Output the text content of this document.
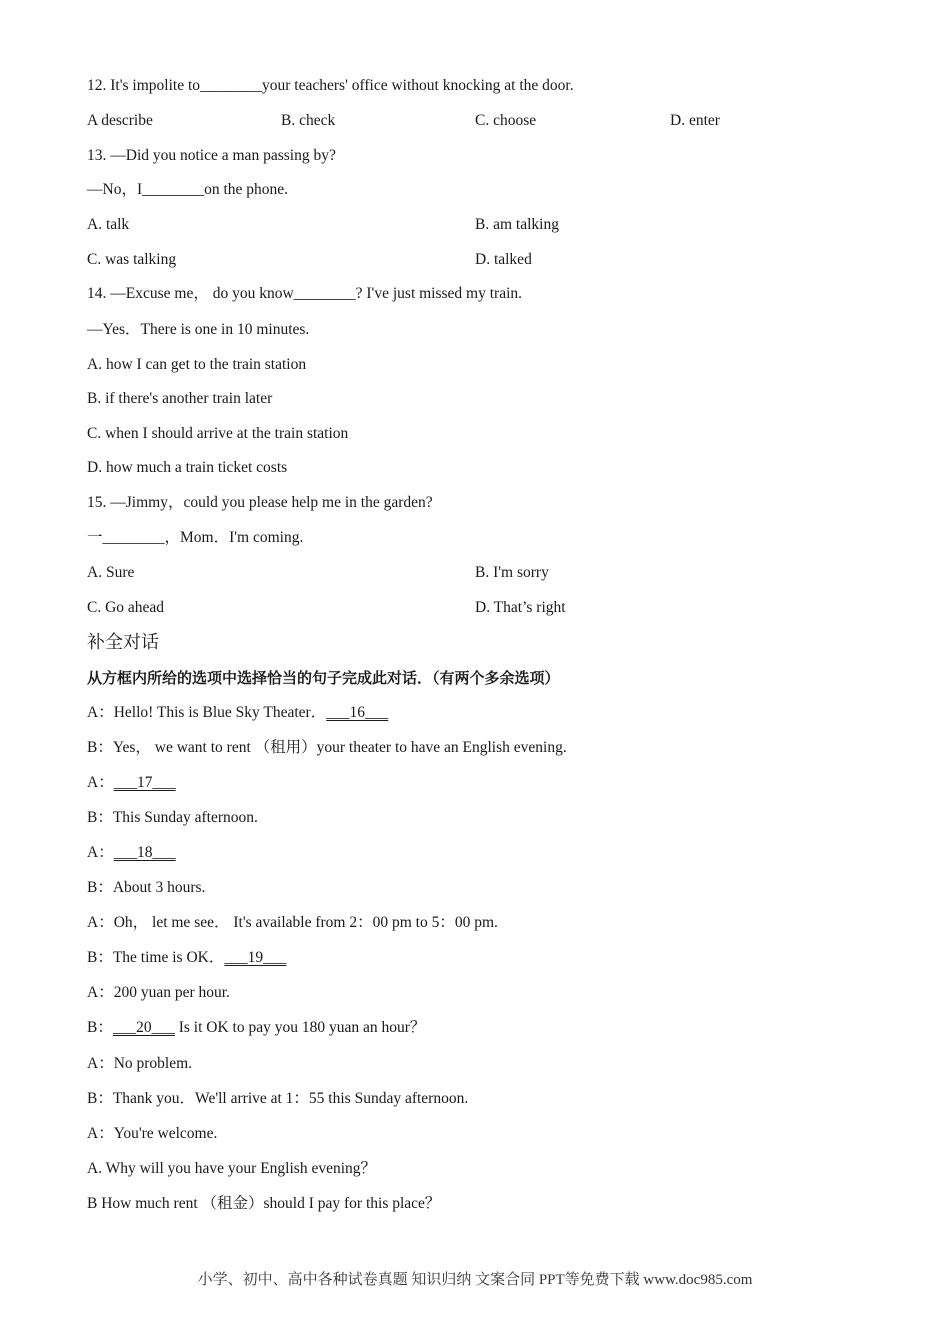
12. It's impolite to________your teachers' office without knocking at the door.
A describe	B. check	C. choose	D. enter
13. —Did you notice a man passing by?
—No，I________on the phone.
A. talk	B. am talking
C. was talking	D. talked
14. —Excuse me， do you know________? I've just missed my train.
—Yes．There is one in 10 minutes.
A. how I can get to the train station
B. if there's another train later
C. when I should arrive at the train station
D. how much a train ticket costs
15. —Jimmy，could you please help me in the garden?
一________，Mom．I'm coming.
A. Sure	B. I'm sorry
C. Go ahead	D. That’s right
补全对话
从方框内所给的选项中选择恰当的句子完成此对话．（有两个多余选项）
A：Hello! This is Blue Sky Theater．___16___
B：Yes， we want to rent （租用）your theater to have an English evening.
A：___17___
B：This Sunday afternoon.
A：___18___
B：About 3 hours.
A：Oh， let me see． It's available from 2：00 pm to 5：00 pm.
B：The time is OK．___19___
A：200 yuan per hour.
B：___20___ Is it OK to pay you 180 yuan an hour？
A：No problem.
B：Thank you．We'll arrive at 1：55 this Sunday afternoon.
A：You're welcome.
A. Why will you have your English evening？
B How much rent （租金）should I pay for this place？
小学、初中、高中各种试卷真题 知识归纳 文案合同 PPT等免费下载 www.doc985.com
